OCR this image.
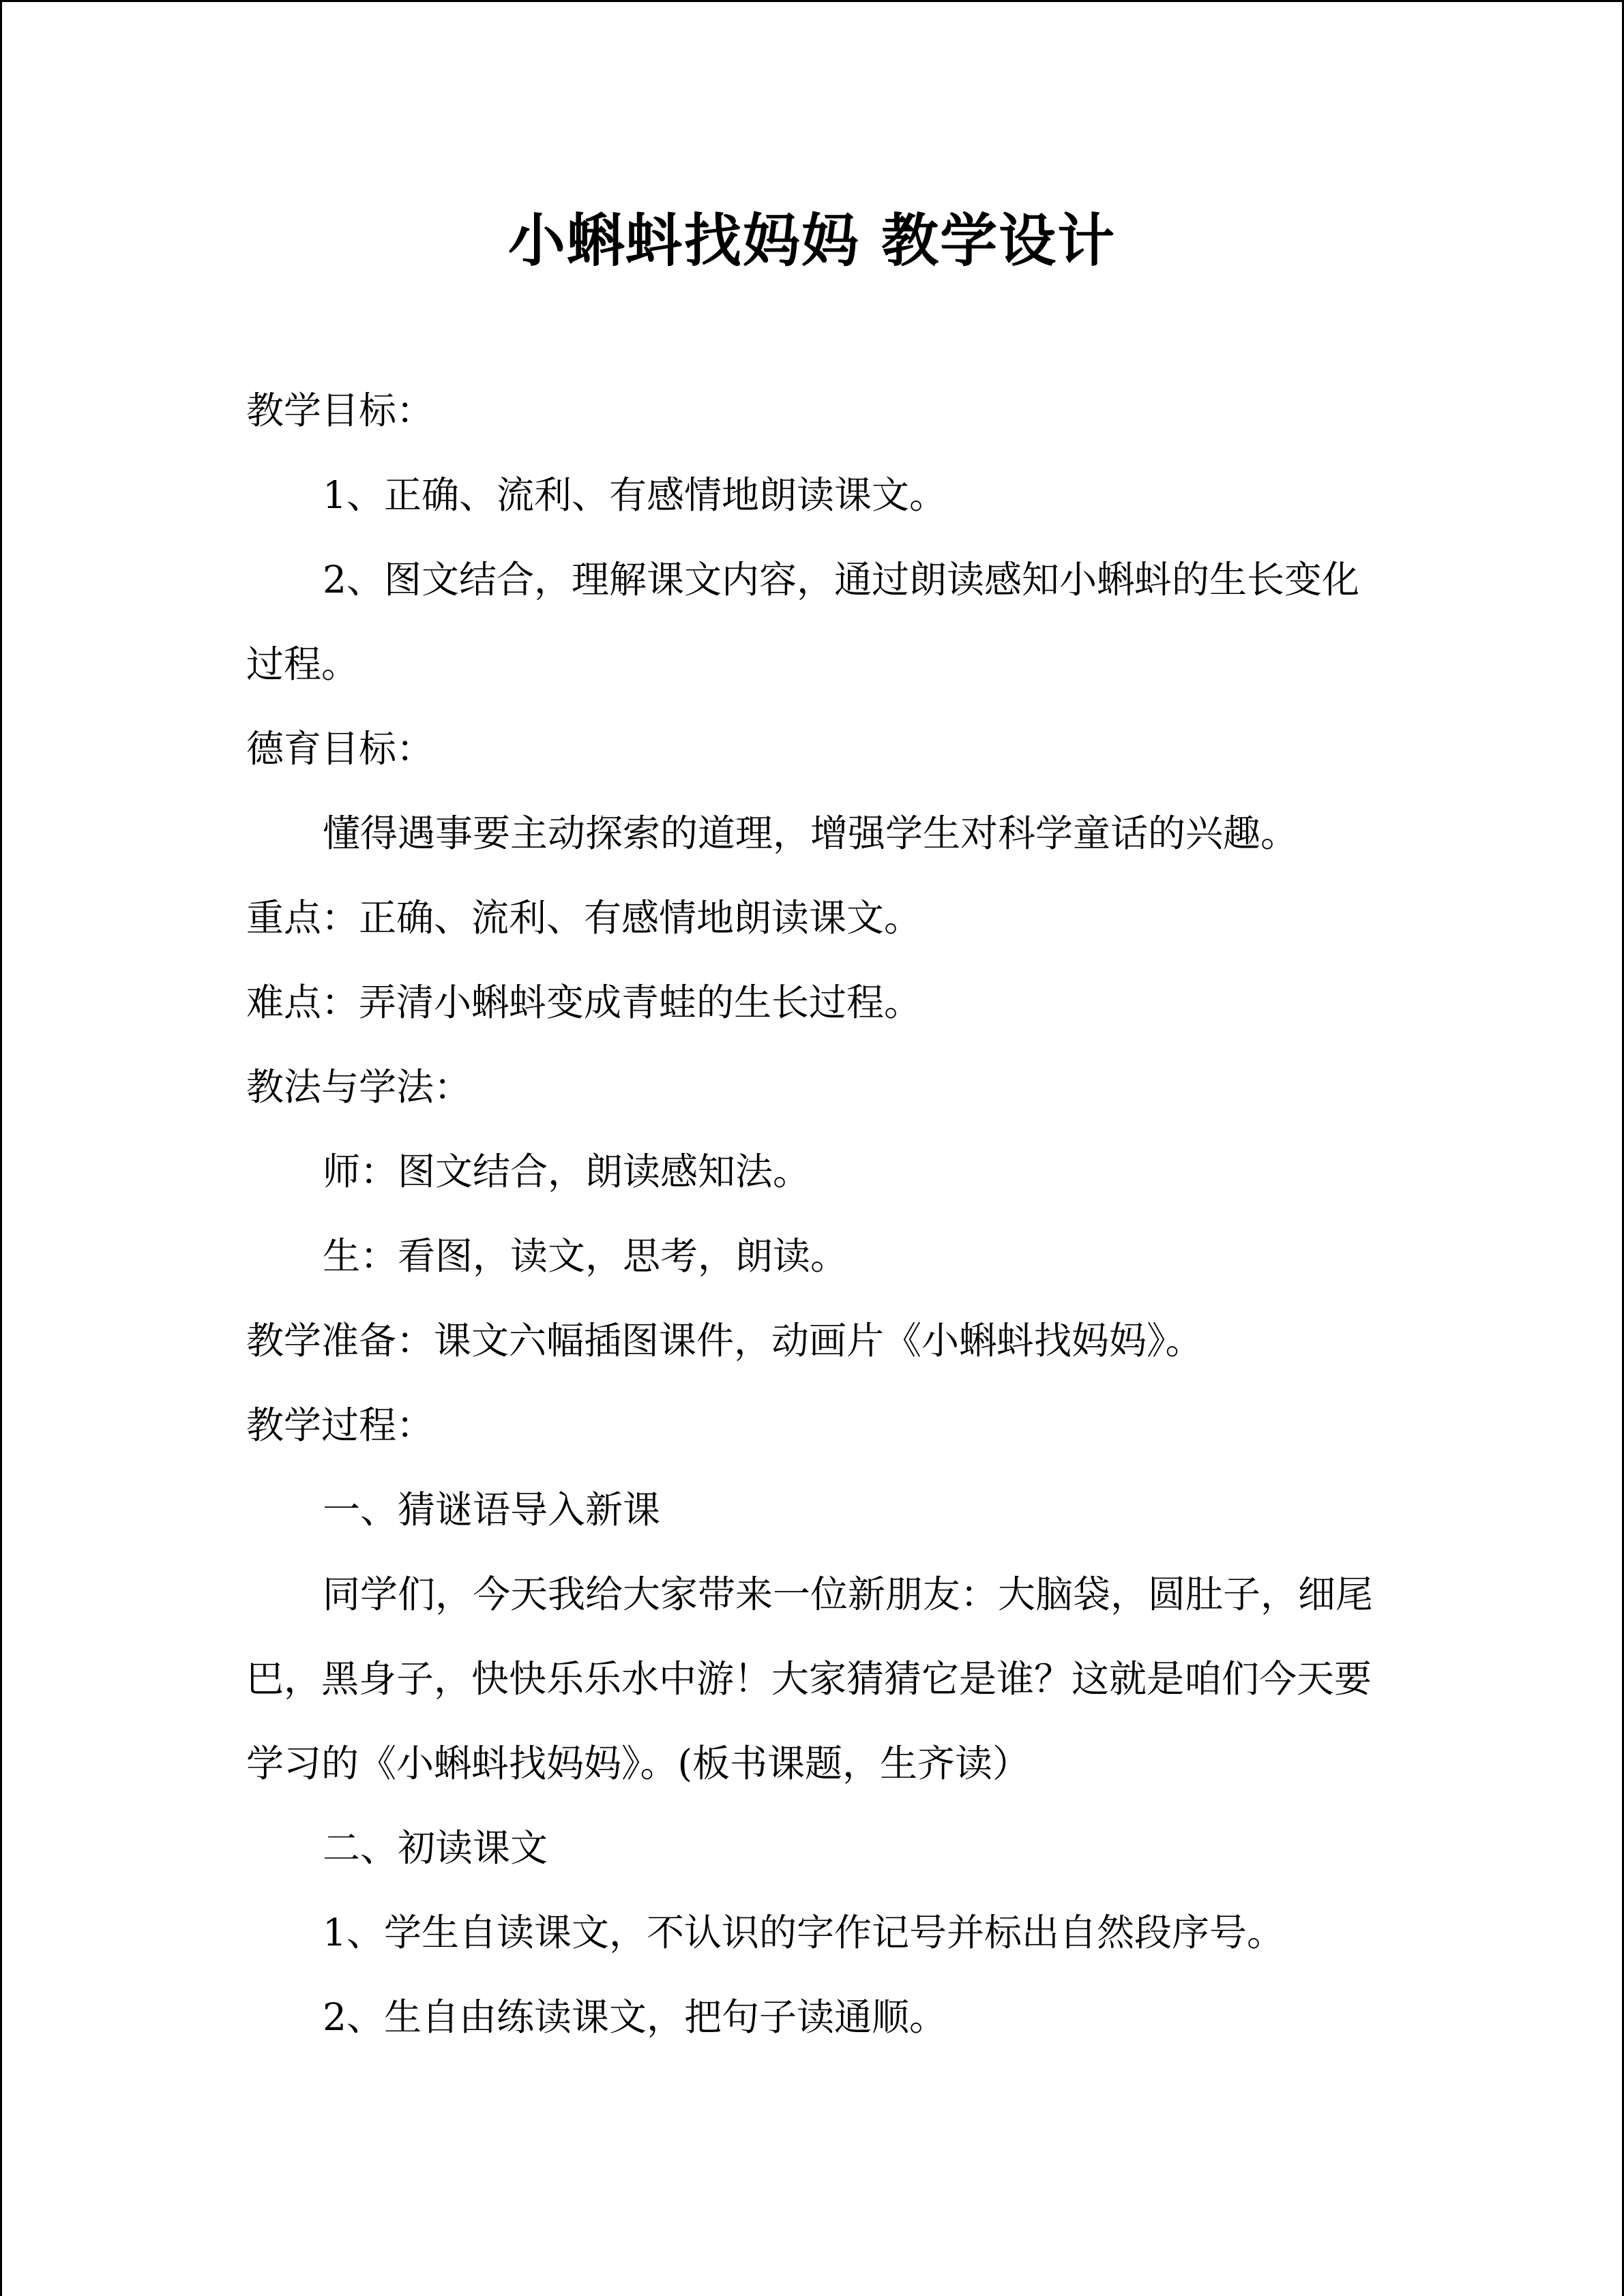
小蝌蚪找妈妈 教学设计

教学目标：

1、正确、流利、有感情地朗读课文。

2、图文结合，理解课文内容，通过朗读感知小蝌蚪的生长变化

过程。

德育目标：

懂得遇事要主动探索的道理，增强学生对科学童话的兴趣。

重点：正确、流利、有感情地朗读课文。

难点：弄清小蝌蚪变成青蛙的生长过程。

教法与学法：

师：图文结合，朗读感知法。

生：看图，读文，思考，朗读。

教学准备：课文六幅插图课件，动画片《小蝌蚪找妈妈》。

教学过程：

一、猜谜语导入新课

同学们，今天我给大家带来一位新朋友：大脑袋，圆肚子，细尾

巴，黑身子，快快乐乐水中游！大家猜猜它是谁？这就是咱们今天要

学习的《小蝌蚪找妈妈》。(板书课题，生齐读）

二、初读课文

1、学生自读课文，不认识的字作记号并标出自然段序号。

2、生自由练读课文，把句子读通顺。
